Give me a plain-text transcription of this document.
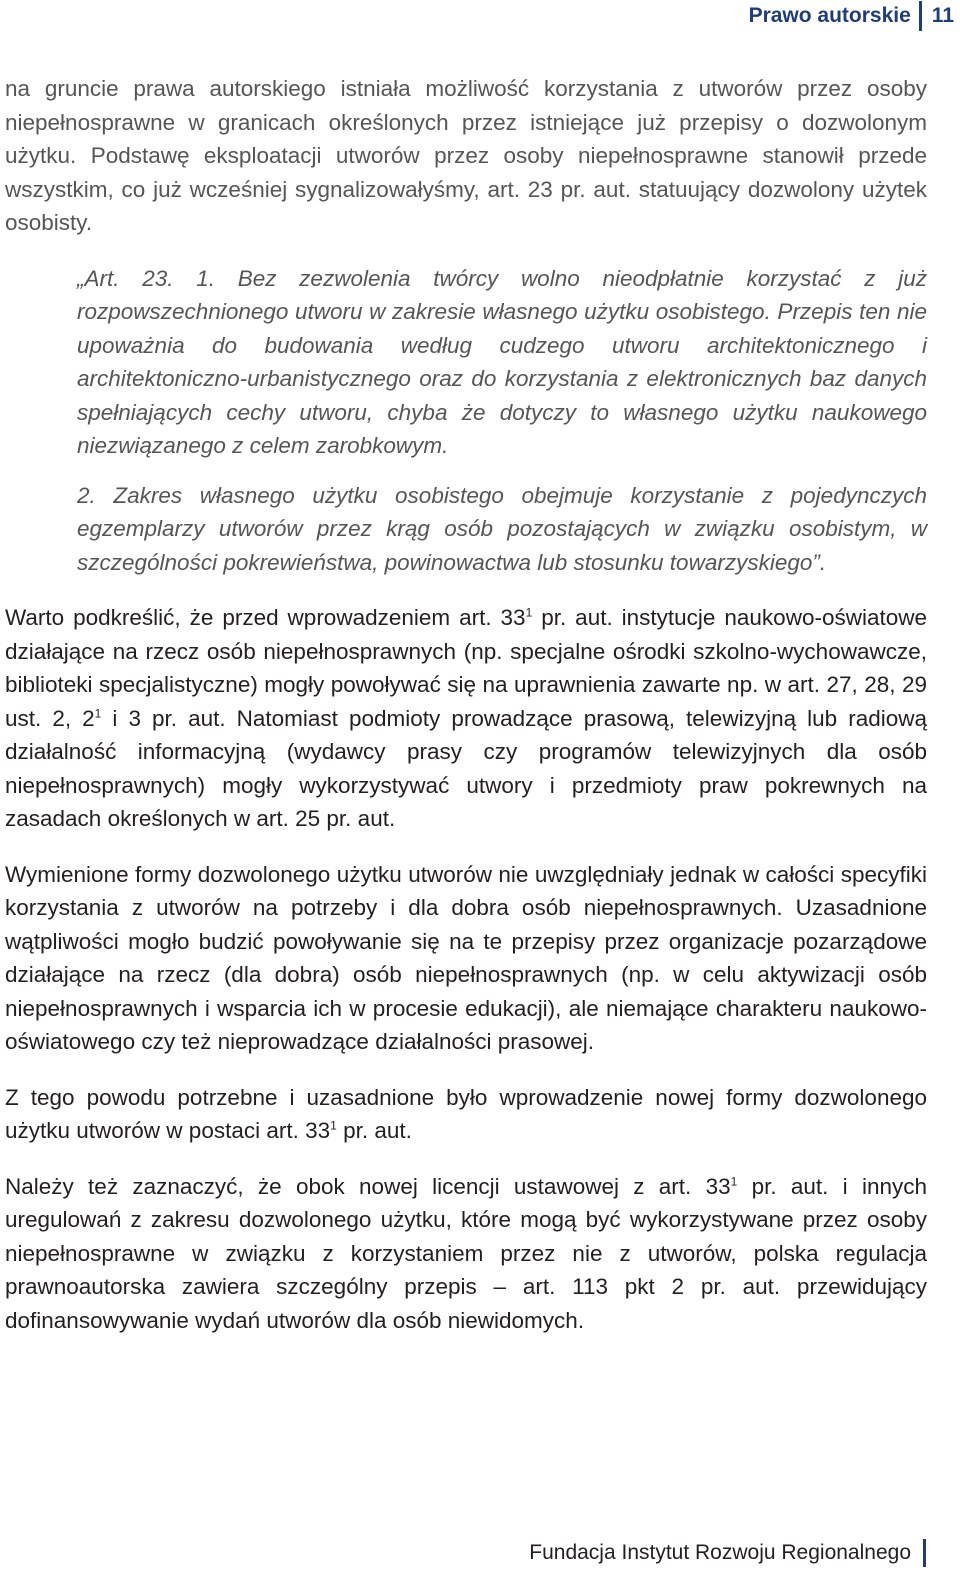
Prawo autorskie 11

na gruncie prawa autorskiego istniała możliwość korzystania z utworów przez osoby niepełnosprawne w granicach określonych przez istniejące już przepisy o dozwolonym użytku. Podstawę eksploatacji utworów przez osoby niepełnosprawne stanowił przede wszystkim, co już wcześniej sygnalizowałyśmy, art. 23 pr. aut. statuujący dozwolony użytek osobisty.

„Art. 23. 1. Bez zezwolenia twórcy wolno nieodpłatnie korzystać z już rozpowszechnionego utworu w zakresie własnego użytku osobistego. Przepis ten nie upoważnia do budowania według cudzego utworu architektonicznego i architektoniczno-urbanistycznego oraz do korzystania z elektronicznych baz danych spełniających cechy utworu, chyba że dotyczy to własnego użytku naukowego niezwiązanego z celem zarobkowym.

2. Zakres własnego użytku osobistego obejmuje korzystanie z pojedynczych egzemplarzy utworów przez krąg osób pozostających w związku osobistym, w szczególności pokrewieństwa, powinowactwa lub stosunku towarzyskiego”.

Warto podkreślić, że przed wprowadzeniem art. $33^1$ pr. aut. instytucje naukowo-oświatowe działające na rzecz osób niepełnosprawnych (np. specjalne ośrodki szkolno-wychowawcze, biblioteki specjalistyczne) mogły powoływać się na uprawnienia zawarte np. w art. 27, 28, 29 ust. 2, $2^1$ i 3 pr. aut. Natomiast podmioty prowadzące prasową, telewizyjną lub radiową działalność informacyjną (wydawcy prasy czy programów telewizyjnych dla osób niepełnosprawnych) mogły wykorzystywać utwory i przedmioty praw pokrewnych na zasadach określonych w art. 25 pr. aut.

Wymienione formy dozwolonego użytku utworów nie uwzględniały jednak w całości specyfiki korzystania z utworów na potrzeby i dla dobra osób niepełnosprawnych. Uzasadnione wątpliwości mogło budzić powoływanie się na te przepisy przez organizacje pozarządowe działające na rzecz (dla dobra) osób niepełnosprawnych (np. w celu aktywizacji osób niepełnosprawnych i wsparcia ich w procesie edukacji), ale niemające charakteru naukowo-oświatowego czy też nieprowadzące działalności prasowej.

Z tego powodu potrzebne i uzasadnione było wprowadzenie nowej formy dozwolonego użytku utworów w postaci art. $33^1$ pr. aut.

Należy też zaznaczyć, że obok nowej licencji ustawowej z art. $33^1$ pr. aut. i innych uregulowań z zakresu dozwolonego użytku, które mogą być wykorzystywane przez osoby niepełnosprawne w związku z korzystaniem przez nie z utworów, polska regulacja prawnoautorska zawiera szczególny przepis – art. 113 pkt 2 pr. aut. przewidujący dofinansowywanie wydań utworów dla osób niewidomych.

Fundacja Instytut Rozwoju Regionalnego
